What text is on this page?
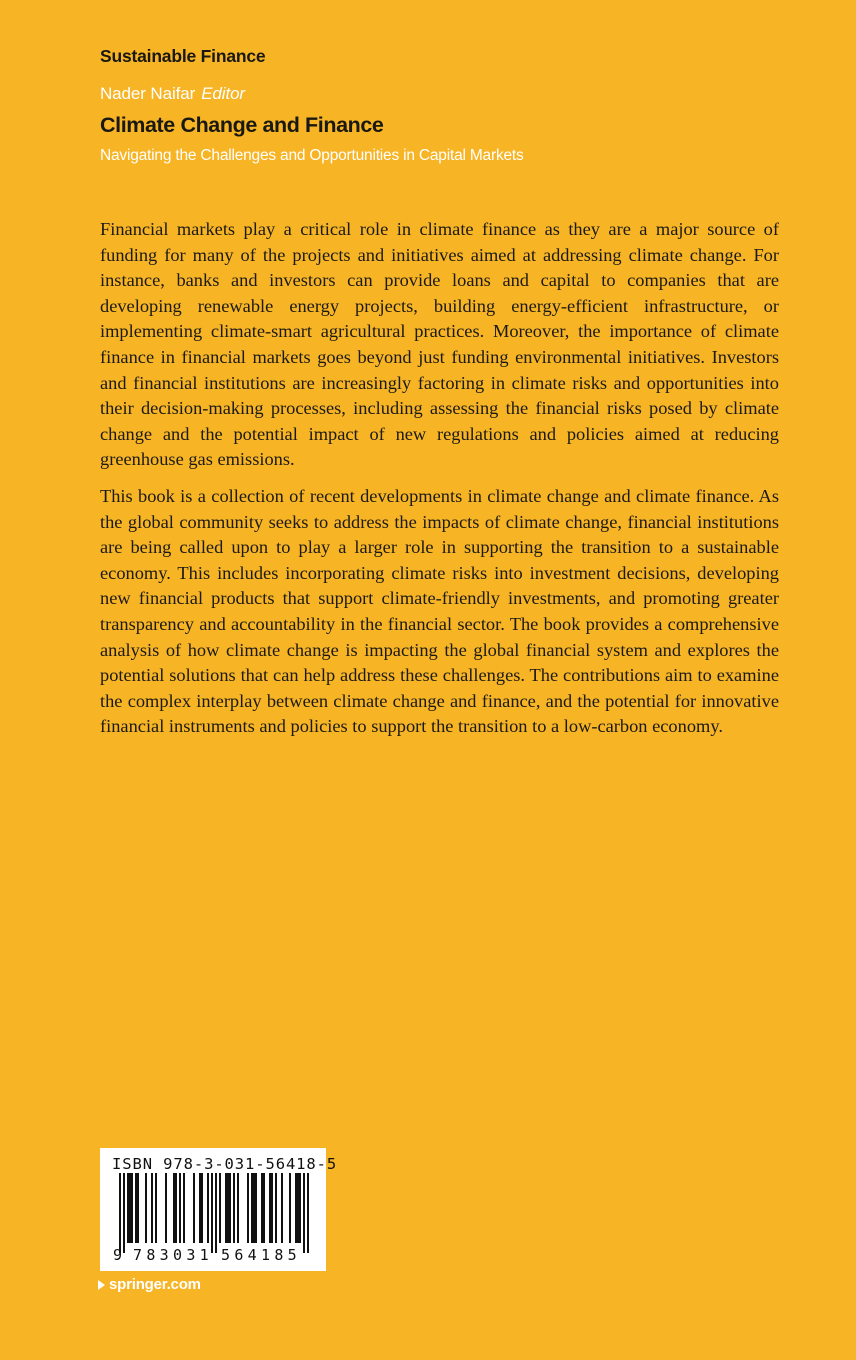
Sustainable Finance
Nader Naifar Editor
Climate Change and Finance
Navigating the Challenges and Opportunities in Capital Markets

Financial markets play a critical role in climate finance as they are a major source of funding for many of the projects and initiatives aimed at addressing climate change. For instance, banks and investors can provide loans and capital to companies that are developing renewable energy projects, building energy-efficient infrastructure, or implementing climate-smart agricultural practices. Moreover, the importance of climate finance in financial markets goes beyond just funding environmental initiatives. Investors and financial institutions are increasingly factoring in climate risks and opportunities into their decision-making processes, including assessing the financial risks posed by climate change and the potential impact of new regulations and policies aimed at reducing greenhouse gas emissions.

This book is a collection of recent developments in climate change and climate finance. As the global community seeks to address the impacts of climate change, financial institutions are being called upon to play a larger role in supporting the transition to a sustainable economy. This includes incorporating climate risks into investment decisions, developing new financial products that support climate-friendly investments, and promoting greater transparency and accountability in the financial sector. The book provides a comprehensive analysis of how climate change is impacting the global financial system and explores the potential solutions that can help address these challenges. The contributions aim to examine the complex interplay between climate change and finance, and the potential for innovative financial instruments and policies to support the transition to a low-carbon economy.

ISBN 978-3-031-56418-5
9 783031 564185
springer.com
